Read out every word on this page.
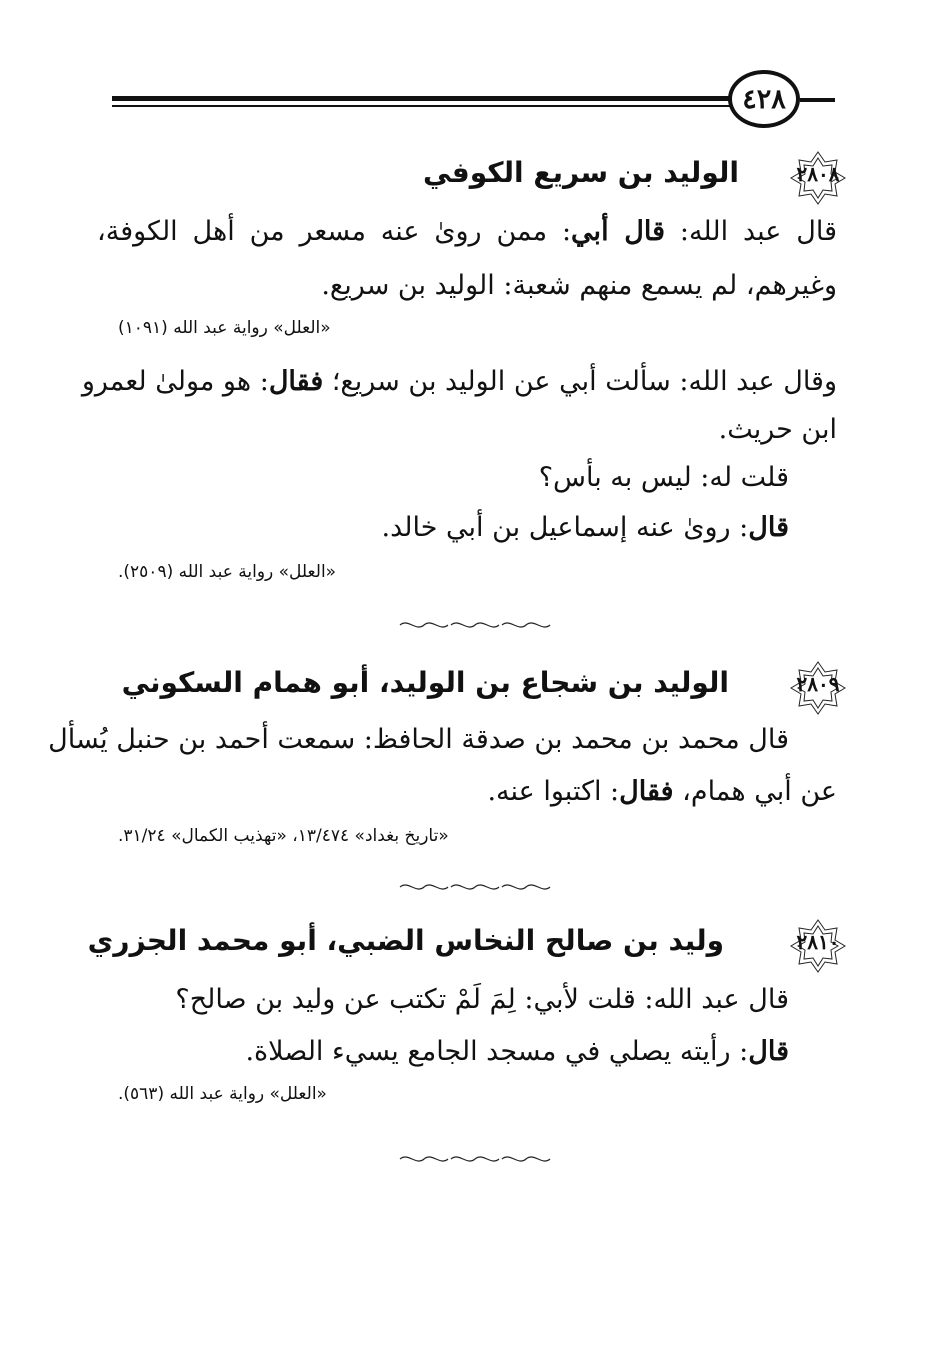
٤٢٨
٢٨٠٨
الوليد بن سريع الكوفي
قال عبد الله: قال أبي: ممن رویٰ عنه مسعر من أهل الكوفة،
وغيرهم، لم يسمع منهم شعبة: الوليد بن سريع.
«العلل» رواية عبد الله (١٠٩١)
وقال عبد الله: سألت أبي عن الوليد بن سريع؛ فقال: هو مولىٰ لعمرو
ابن حريث.
قلت له: ليس به بأس؟
قال: رویٰ عنه إسماعيل بن أبي خالد.
«العلل» رواية عبد الله (٢٥٠٩).
٢٨٠٩
الوليد بن شجاع بن الوليد، أبو همام السكوني
قال محمد بن محمد بن صدقة الحافظ: سمعت أحمد بن حنبل يُسأل
عن أبي همام، فقال: اكتبوا عنه.
«تاريخ بغداد» ١٣/٤٧٤، «تهذيب الكمال» ٣١/٢٤.
٢٨١٠
وليد بن صالح النخاس الضبي، أبو محمد الجزري
قال عبد الله: قلت لأبي: لِمَ لَمْ تكتب عن وليد بن صالح؟
قال: رأيته يصلي في مسجد الجامع يسيء الصلاة.
«العلل» رواية عبد الله (٥٦٣).
